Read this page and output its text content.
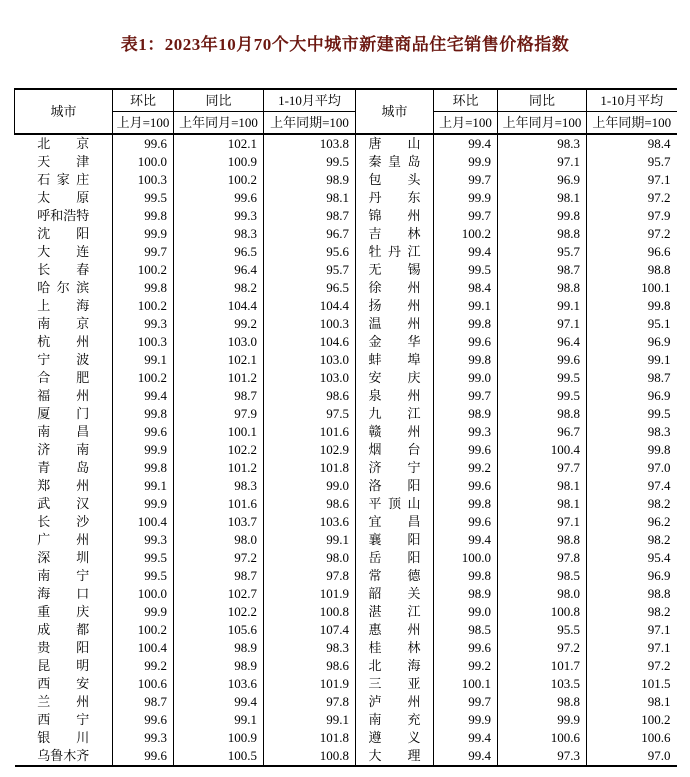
表1：2023年10月70个大中城市新建商品住宅销售价格指数
城市	环比	同比	1-10月平均	城市	环比	同比	1-10月平均
	上月=100	上年同月=100	上年同期=100		上月=100	上年同月=100	上年同期=100
北京	99.6	102.1	103.8	唐山	99.4	98.3	98.4
天津	100.0	100.9	99.5	秦皇岛	99.9	97.1	95.7
石家庄	100.3	100.2	98.9	包头	99.7	96.9	97.1
太原	99.5	99.6	98.1	丹东	99.9	98.1	97.2
呼和浩特	99.8	99.3	98.7	锦州	99.7	99.8	97.9
沈阳	99.9	98.3	96.7	吉林	100.2	98.8	97.2
大连	99.7	96.5	95.6	牡丹江	99.4	95.7	96.6
长春	100.2	96.4	95.7	无锡	99.5	98.7	98.8
哈尔滨	99.8	98.2	96.5	徐州	98.4	98.8	100.1
上海	100.2	104.4	104.4	扬州	99.1	99.1	99.8
南京	99.3	99.2	100.3	温州	99.8	97.1	95.1
杭州	100.3	103.0	104.6	金华	99.6	96.4	96.9
宁波	99.1	102.1	103.0	蚌埠	99.8	99.6	99.1
合肥	100.2	101.2	103.0	安庆	99.0	99.5	98.7
福州	99.4	98.7	98.6	泉州	99.7	99.5	96.9
厦门	99.8	97.9	97.5	九江	98.9	98.8	99.5
南昌	99.6	100.1	101.6	赣州	99.3	96.7	98.3
济南	99.9	102.2	102.9	烟台	99.6	100.4	99.8
青岛	99.8	101.2	101.8	济宁	99.2	97.7	97.0
郑州	99.1	98.3	99.0	洛阳	99.6	98.1	97.4
武汉	99.9	101.6	98.6	平顶山	99.8	98.1	98.2
长沙	100.4	103.7	103.6	宜昌	99.6	97.1	96.2
广州	99.3	98.0	99.1	襄阳	99.4	98.8	98.2
深圳	99.5	97.2	98.0	岳阳	100.0	97.8	95.4
南宁	99.5	98.7	97.8	常德	99.8	98.5	96.9
海口	100.0	102.7	101.9	韶关	98.9	98.0	98.8
重庆	99.9	102.2	100.8	湛江	99.0	100.8	98.2
成都	100.2	105.6	107.4	惠州	98.5	95.5	97.1
贵阳	100.4	98.9	98.3	桂林	99.6	97.2	97.1
昆明	99.2	98.9	98.6	北海	99.2	101.7	97.2
西安	100.6	103.6	101.9	三亚	100.1	103.5	101.5
兰州	98.7	99.4	97.8	泸州	99.7	98.8	98.1
西宁	99.6	99.1	99.1	南充	99.9	99.9	100.2
银川	99.3	100.9	101.8	遵义	99.4	100.6	100.6
乌鲁木齐	99.6	100.5	100.8	大理	99.4	97.3	97.0
